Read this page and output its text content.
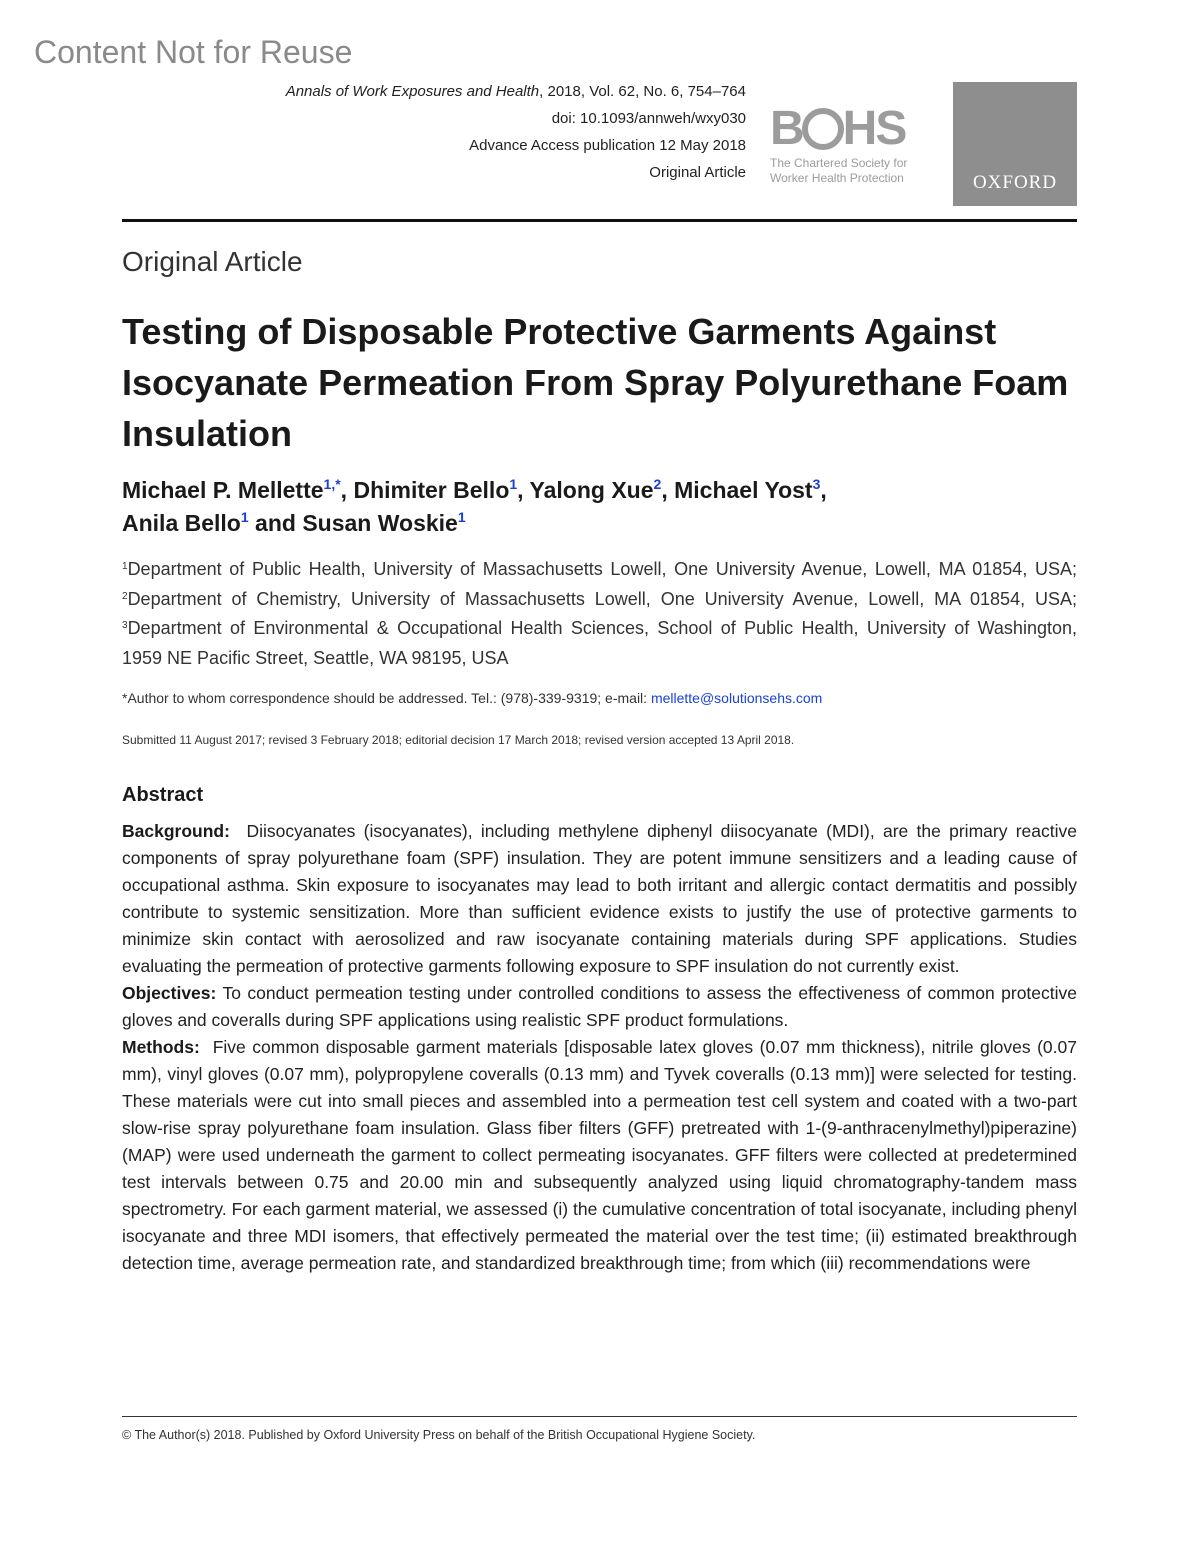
Content Not for Reuse
Annals of Work Exposures and Health, 2018, Vol. 62, No. 6, 754–764
doi: 10.1093/annweh/wxy030
Advance Access publication 12 May 2018
Original Article
B HS
The Chartered Society for
Worker Health Protection	OXFORD
Original Article
Testing of Disposable Protective Garments Against Isocyanate Permeation From Spray Polyurethane Foam Insulation
Michael P. Mellette$^{1,*}$, Dhimiter Bello$^1$, Yalong Xue$^2$, Michael Yost$^3$,
Anila Bello$^1$ and Susan Woskie$^1$
$^1$Department of Public Health, University of Massachusetts Lowell, One University Avenue, Lowell, MA 01854, USA; $^2$Department of Chemistry, University of Massachusetts Lowell, One University Avenue, Lowell, MA 01854, USA; $^3$Department of Environmental & Occupational Health Sciences, School of Public Health, University of Washington, 1959 NE Pacific Street, Seattle, WA 98195, USA
*Author to whom correspondence should be addressed. Tel.: (978)-339-9319; e-mail: mellette@solutionsehs.com
Submitted 11 August 2017; revised 3 February 2018; editorial decision 17 March 2018; revised version accepted 13 April 2018.
Abstract

Background: Diisocyanates (isocyanates), including methylene diphenyl diisocyanate (MDI), are the primary reactive components of spray polyurethane foam (SPF) insulation. They are potent immune sensitizers and a leading cause of occupational asthma. Skin exposure to isocyanates may lead to both irritant and allergic contact dermatitis and possibly contribute to systemic sensitization. More than sufficient evidence exists to justify the use of protective garments to minimize skin contact with aerosolized and raw isocyanate containing materials during SPF applications. Studies evaluating the permeation of protective garments following exposure to SPF insulation do not currently exist.

Objectives: To conduct permeation testing under controlled conditions to assess the effectiveness of common protective gloves and coveralls during SPF applications using realistic SPF product formulations.

Methods: Five common disposable garment materials [disposable latex gloves (0.07 mm thickness), nitrile gloves (0.07 mm), vinyl gloves (0.07 mm), polypropylene coveralls (0.13 mm) and Tyvek coveralls (0.13 mm)] were selected for testing. These materials were cut into small pieces and assembled into a permeation test cell system and coated with a two-part slow-rise spray polyurethane foam insulation. Glass fiber filters (GFF) pretreated with 1-(9-anthracenylmethyl)piperazine) (MAP) were used underneath the garment to collect permeating isocyanates. GFF filters were collected at predetermined test intervals between 0.75 and 20.00 min and subsequently analyzed using liquid chromatography-tandem mass spectrometry. For each garment material, we assessed (i) the cumulative concentration of total isocyanate, including phenyl isocyanate and three MDI isomers, that effectively permeated the material over the test time; (ii) estimated breakthrough detection time, average permeation rate, and standardized breakthrough time; from which (iii) recommendations were

© The Author(s) 2018. Published by Oxford University Press on behalf of the British Occupational Hygiene Society.
